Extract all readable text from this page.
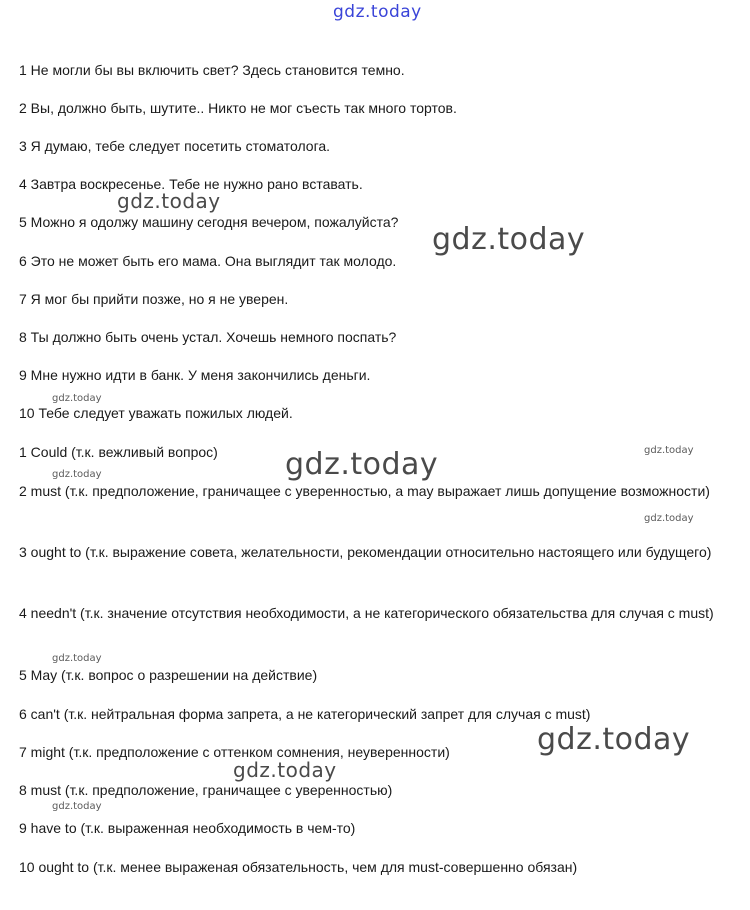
gdz.today
gdz.today
gdz.today
gdz.today
gdz.today	gdz.today
gdz.today
gdz.today
gdz.today
gdz.today
gdz.today
gdz.today
1 Не могли бы вы включить свет? Здесь становится темно.
2 Вы, должно быть, шутите.. Никто не мог съесть так много тортов.
3 Я думаю, тебе следует посетить стоматолога.
4 Завтра воскресенье. Тебе не нужно рано вставать.
5 Можно я одолжу машину сегодня вечером, пожалуйста?
6 Это не может быть его мама. Она выглядит так молодо.
7 Я мог бы прийти позже, но я не уверен.
8 Ты должно быть очень устал. Хочешь немного поспать?
9 Мне нужно идти в банк. У меня закончились деньги.
10 Тебе следует уважать пожилых людей.
1 Could (т.к. вежливый вопрос)
2 must (т.к. предположение, граничащее с уверенностью, а may выражает лишь допущение возможности)
3 ought to (т.к. выражение совета, желательности, рекомендации относительно настоящего или будущего)
4 needn't (т.к. значение отсутствия необходимости, а не категорического обязательства для случая с must)
5 May (т.к. вопрос о разрешении на действие)
6 can't (т.к. нейтральная форма запрета, а не категорический запрет для случая с must)
7 might (т.к. предположение с оттенком сомнения, неуверенности)
8 must (т.к. предположение, граничащее с уверенностью)
9 have to (т.к. выраженная необходимость в чем-то)
10 ought to (т.к. менее выраженая обязательность, чем для must-совершенно обязан)
